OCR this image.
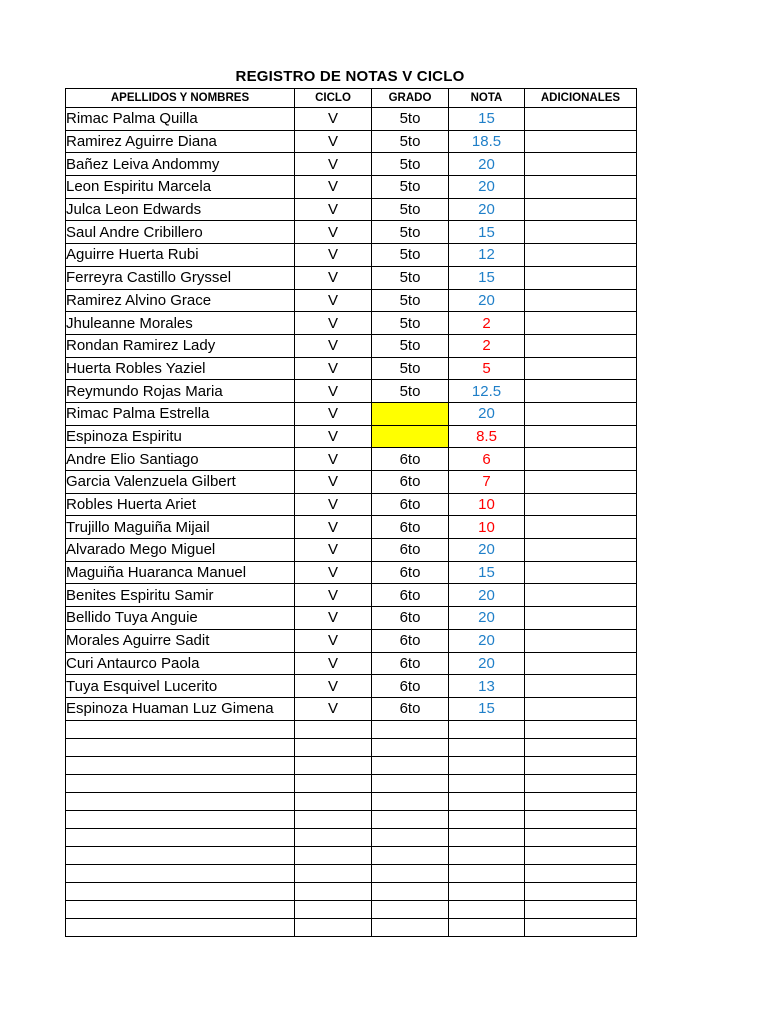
REGISTRO DE NOTAS V CICLO
APELLIDOS Y NOMBRES	CICLO	GRADO	NOTA	ADICIONALES
Rimac Palma Quilla	V	5to	15	
Ramirez Aguirre Diana	V	5to	18.5	
Bañez Leiva Andommy	V	5to	20	
Leon Espiritu Marcela	V	5to	20	
Julca Leon Edwards	V	5to	20	
Saul Andre Cribillero	V	5to	15	
Aguirre Huerta Rubi	V	5to	12	
Ferreyra Castillo Gryssel	V	5to	15	
Ramirez Alvino Grace	V	5to	20	
Jhuleanne Morales	V	5to	2	
Rondan Ramirez Lady	V	5to	2	
Huerta Robles Yaziel	V	5to	5	
Reymundo Rojas Maria	V	5to	12.5	
Rimac Palma Estrella	V		20	
Espinoza Espiritu	V		8.5	
Andre Elio Santiago	V	6to	6	
Garcia Valenzuela Gilbert	V	6to	7	
Robles Huerta Ariet	V	6to	10	
Trujillo Maguiña Mijail	V	6to	10	
Alvarado Mego Miguel	V	6to	20	
Maguiña Huaranca Manuel	V	6to	15	
Benites Espiritu Samir	V	6to	20	
Bellido Tuya Anguie	V	6to	20	
Morales Aguirre Sadit	V	6to	20	
Curi Antaurco Paola	V	6to	20	
Tuya Esquivel Lucerito	V	6to	13	
Espinoza Huaman Luz Gimena	V	6to	15	
